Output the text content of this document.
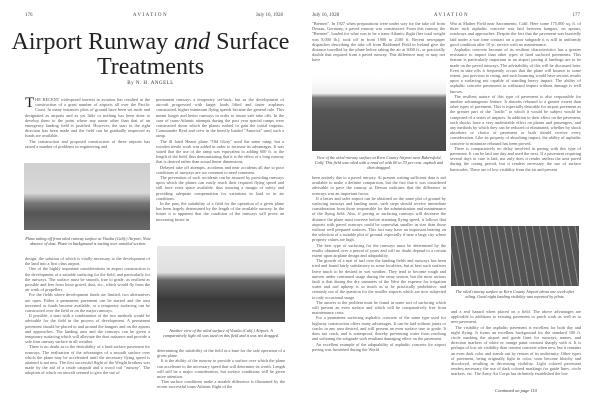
176	AVIATION	July 16, 1928
Airport Runway and Surface
Treatments
By N. H. ANGELL
T HE RECENT widespread interest in aviation has resulted in the construction of a great number of airports all over the Pacific Coast. In many instances plots of ground have been set aside and designated as airports and as yet little or nothing has been done to develop them to the point where any name other than that of an emergency landing field is justified. However, the start in the right direction has been made and the field can be gradually improved as funds are available.

The construction and proposed construction of these airports has raised a number of problems in engineering and

Plane taking off from oiled runway surface at Visalia (Calif.) Airport. Note absence of dust. Plane in background is taxiing over untoiled section.

design, the solution of which is vitally necessary to the development of the land into a first class airport.

One of the highly important considerations in airport construction is the development of a suitable surfacing for the field, and particularly for the runways. The surface must be smooth, true to grade, as resilient as possible and free from loose gravel, dust, etc., which would fly from the air wash of propellers.

For the fields where development funds are limited, two alternatives are open. Either a permanent pavement can be started and the area increased as funds become available, or a temporary surfacing can be constructed over the field or on the major runways.

If possible, a start with a combination of the two methods would be advisable for the field in the process of development. A permanent pavement should be placed in and around the hangars and on the aprons and approaches. The landing area and the runways can be given a temporary surfacing which will alleviate the dust nuisance and provide a safe firm runway surface in all weather.

There is no doubt as to the desirability of a hard surface pavement for runways. The realization of the advantages of a smooth surface over which the plane may be accelerated until the necessary flying speed is attained is not new. The first successful flight of the Wright brothers was made by the aid of a crude catapult and a wood rail "runway". The adoption of which on aircraft seemed to give the use of

permanent runways a temporary set-back, but as the development of aircraft progressed with larger loads lifted and faster airplanes constructed, higher minimum flying speeds became the general rule. This meant longer and better runways in order to insure safe take offs. In the case of trans-Atlantic attempts during the past year special ramps were constructed down which the planes rushed to gain the initial impetus. Commander Byrd and crew in the heavily loaded "America" used such a ramp.

The ill fated Hearst plane "Old Glory" used the same ramp, but a wooden trestle work was added in order to increase its advantages. It was stated that the use of the ramp was equivalent to adding 600 ft. to the length of the field, thus demonstrating that it is the effect of a long runway that is desired rather than actual linear dimensions.

Delayed take off attempts, accidents and near accidents all due to poor conditions of runways are too common to need comment.

The prevention of such accidents can be assured by providing runways upon which the planes can easily reach their required flying speed and still have extra space available, thus insuring a margin of safety and providing adequate compensation for variations in load or in air conditions.

In the past, the suitability of a field for the operation of a given plane has been largely determined by the length of the available runway. In the future it is apparent that the condition of the runways will prove an increasing factor in

Another view of the oiled surface of Visalia (Calif.) Airport. A comparatively light oil was used on this field and it was not dragged.

determining the suitability of the field as a base for the safe operation of a given plane.

It is the ability of the runway to provide a surface over which the plane can accelerate to the necessary speed that will determine its worth. Length will still be a major consideration, but surface conditions will be given more attention.

That surface conditions make a notable difference is illustrated by the recent successful trans-Atlantic flight of the

July 16, 1928	AVIATION	177

"Bremen". In 1927 when preparations were under way for the take off from Dessau, Germany, a paved runway was constructed. From this runway the "Bremen", loaded for what was to be a trans-Atlantic flight (her total weight was 8,000 lb.), took off in from 1900 to 2100 ft. Recent newspaper dispatches describing the take off from Baldonnel Field in Ireland give the distance travelled by the plane before taking the air at 3000 ft., or practically double that required from a paved runway. This difference may or may not have

View of the oiled runway surface at Kern County Airport near Bakersfield, Calif. This field was oiled with a road oil with 60 to 70 per cent. asphalt and then dragged.

been entirely due to a paved runway. At present writing sufficient data is not available to make a definite comparison, but the fact that it was considered advisable to pave the runway at Dessau indicates that the difference in runways was an important factor.

If a better and safer airport can be obtained on the same plot of ground by surfacing runways and landing areas, such steps should receive immediate consideration from those responsible for the administration and maintenance of the flying field. Also, if paving or surfacing runways will decrease the distance the plane must traverse before attaining flying speed, it follows that airports with paved runways could be somewhat smaller in size than those without well prepared surfaces. This fact may have an important bearing on the selection of a suitable plot of ground, especially if near a large city where property values are high.

The best type of surfacing for the runways must be determined by the results obtained over a period of years and will no doubt depend to a certain extent upon airplane design and adaptability.

The growth of a mat of turf over the landing fields and runways has been tried and found fairly satisfactory in some localities, but at best such surfaces leave much to be desired in wet weather. They tend to become rough and uneven under continued usage during the rainy season, but the most serious fault is that during the dry summers of the West the expense for irrigation water and turf upkeep is so much as to be practically prohibitive, and certainly out of the question for the smaller airports which are now subjected to only occasional usage.

The answer to the problem must be found in some sort of surfacing which will present an even surface and which will be comparatively free from maintenance costs.

For a permanent surfacing asphaltic concrete of the same type used for highway construction offers many advantages. It can be laid without joints or cracks in any area desired, and will present an even surface true to grade. It does not crack, and is waterproof, thereby preventing water from reaching and softening the subgrade with resultant damaging effect on the pavement.

An excellent example of the adaptability of asphaltic concrete for airport paving was furnished during the World

War at Mather Field near Sacramento, Calif. Here some 175,000 sq. ft. of three inch asphaltic concrete was laid between hangars, on aprons, roadways and approaches. Despite the fact that the pavement was hurriedly laid under a war time contract on a poor subgrade it is still in uniformly good condition after 10 yr. service with no maintenance.

Asphaltic concrete because of its resilient characteristics has a greater resistance to impact than other types of hard surfaced pavements. This feature is particularly important in an airport paving if landings are to be made on the paved runways. The advisability of this will be discussed later. Even in take offs it frequently occurs that the plane will bounce to some extent, just previous to rising, and such bouncing would have serious results upon a surfacing not capable of standing heavy impact. The ability of asphaltic concrete pavements to withstand impact without damage is well known.

The resilient nature of this type of pavement is also responsible for another advantageous feature. It absorbs rebound to a greater extent than other types of pavement. This is especially desirable for airport pavement as the greater part of the "traffic" to which it would be subject would be composed of a series of impacts. In addition to their effect on the pavement, such shocks have a very undesirable effect on planes and passengers, and any methods by which they can be reduced or eliminated, whether by shock absorbers or choice of pavement or both should receive every consideration. Like its property of absorbing impact, the ability of asphaltic concrete to minimize rebound has been proved.

There is comparatively no delay involved in paving with this type of pavement. It can be laid one day and used the next. If a pavement requiring several days to cure is laid, not only does it render useless the area paved during the curing period, but it renders necessary the use of surface barricades. These are of low visibility from the air and present

The oiled runway surface at Kern County Airport about one week after oiling. Good night landing visibility was reported by pilots.

and a real hazard when placed on a field. The above advantages are applicable to additions to existing pavement or patch work as well as to new pavement.

The visibility of the asphaltic pavement is excellent for both day and night flying. It forms an excellent background for the standard 100 ft. circle marking the airport and guide lines for runways, names, and direction markers of white or orange paint contrast sharply with it. It is perhaps of low air visibility than cement concrete when new, but it remains an even dark color and stands out by reason of its uniformity. Other types of pavement, being originally light in color, soon become blotchy and discolored, resulting in decreasing visibility. Light colored pavement renders necessary the use of dark colored markings for guide lines, circle markers, etc. The Army Air Corps has definitely established the low

Continued on page 110
